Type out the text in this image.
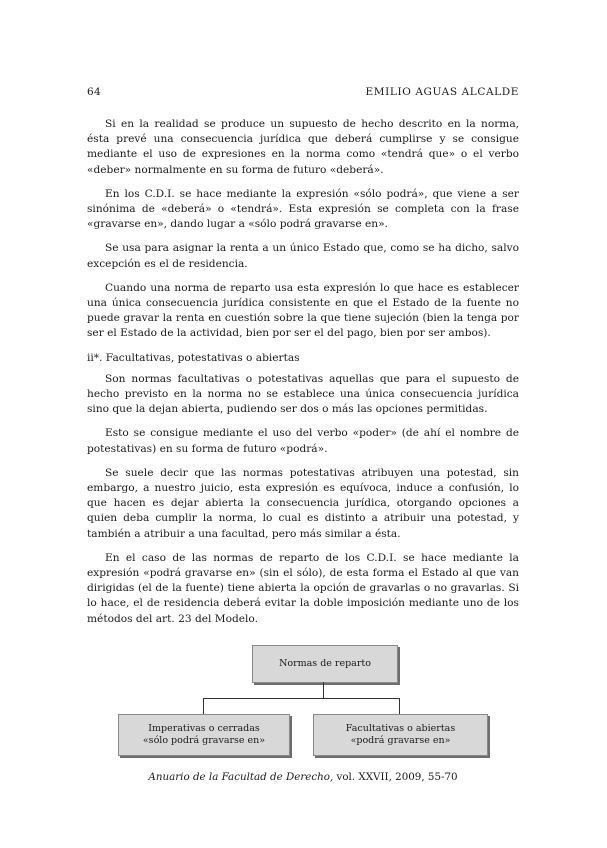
64	EMILIO AGUAS ALCALDE

Si en la realidad se produce un supuesto de hecho descrito en la norma, ésta prevé una consecuencia jurídica que deberá cumplirse y se consigue mediante el uso de expresiones en la norma como «tendrá que» o el verbo «deber» normalmente en su forma de futuro «deberá».

En los C.D.I. se hace mediante la expresión «sólo podrá», que viene a ser sinónima de «deberá» o «tendrá». Esta expresión se completa con la frase «gravarse en», dando lugar a «sólo podrá gravarse en».

Se usa para asignar la renta a un único Estado que, como se ha dicho, salvo excepción es el de residencia.

Cuando una norma de reparto usa esta expresión lo que hace es establecer una única consecuencia jurídica consistente en que el Estado de la fuente no puede gravar la renta en cuestión sobre la que tiene sujeción (bien la tenga por ser el Estado de la actividad, bien por ser el del pago, bien por ser ambos).

ii*. Facultativas, potestativas o abiertas

Son normas facultativas o potestativas aquellas que para el supuesto de hecho previsto en la norma no se establece una única consecuencia jurídica sino que la dejan abierta, pudiendo ser dos o más las opciones permitidas.

Esto se consigue mediante el uso del verbo «poder» (de ahí el nombre de potestativas) en su forma de futuro «podrá».

Se suele decir que las normas potestativas atribuyen una potestad, sin embargo, a nuestro juicio, esta expresión es equívoca, induce a confusión, lo que hacen es dejar abierta la consecuencia jurídica, otorgando opciones a quien deba cumplir la norma, lo cual es distinto a atribuir una potestad, y también a atribuir a una facultad, pero más similar a ésta.

En el caso de las normas de reparto de los C.D.I. se hace mediante la expresión «podrá gravarse en» (sin el sólo), de esta forma el Estado al que van dirigidas (el de la fuente) tiene abierta la opción de gravarlas o no gravarlas. Si lo hace, el de residencia deberá evitar la doble imposición mediante uno de los métodos del art. 23 del Modelo.

Normas de reparto
Imperativas o cerradas
«sólo podrá gravarse en»
Facultativas o abiertas
«podrá gravarse en»
Anuario de la Facultad de Derecho, vol. XXVII, 2009, 55-70
